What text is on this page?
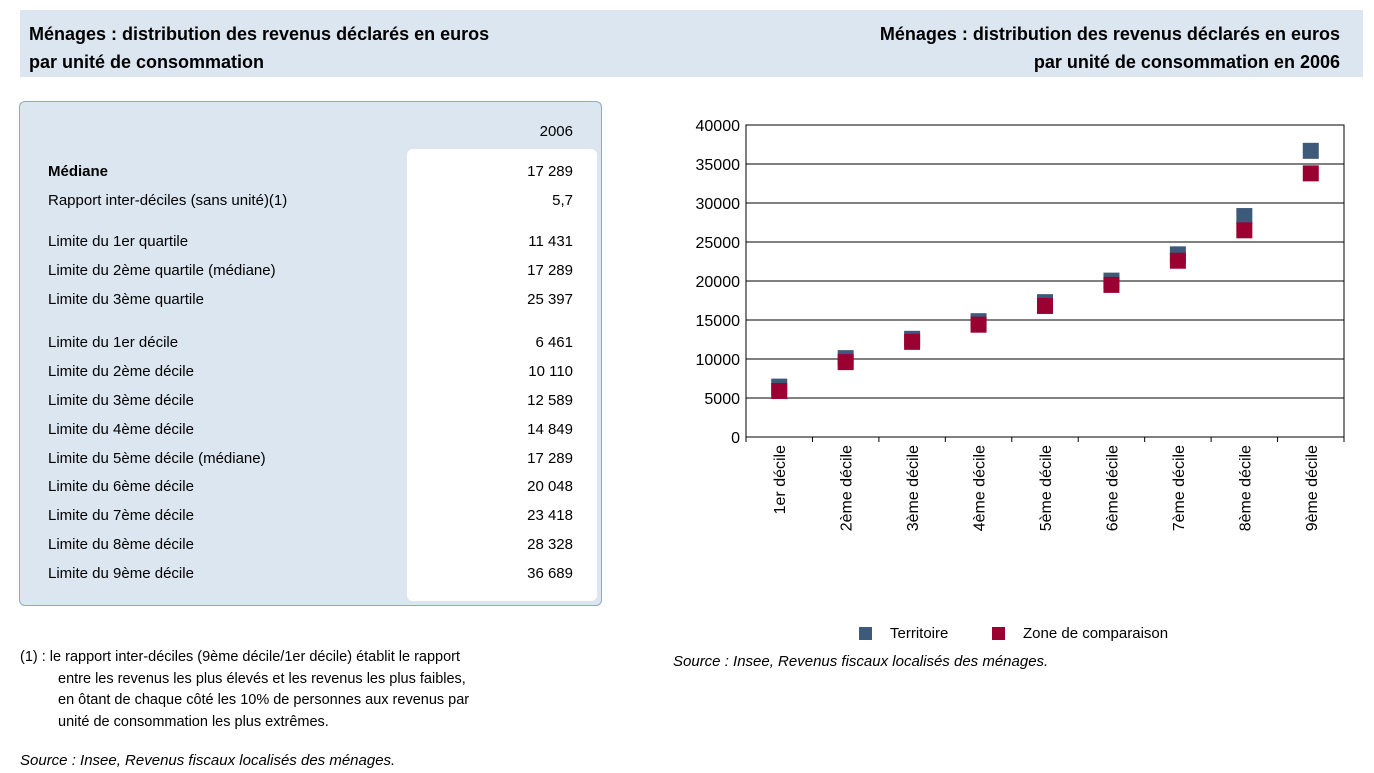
Ménages : distribution des revenus déclarés en euros
par unité de consommation
Ménages : distribution des revenus déclarés en euros
par unité de consommation en 2006
2006
Médiane	17 289
Rapport inter-déciles (sans unité)(1)	5,7
Limite du 1er quartile	11 431
Limite du 2ème quartile (médiane)	17 289
Limite du 3ème quartile	25 397
Limite du 1er décile	6 461
Limite du 2ème décile	10 110
Limite du 3ème décile	12 589
Limite du 4ème décile	14 849
Limite du 5ème décile (médiane)	17 289
Limite du 6ème décile	20 048
Limite du 7ème décile	23 418
Limite du 8ème décile	28 328
Limite du 9ème décile	36 689
(1) : le rapport inter-déciles (9ème décile/1er décile) établit le rapport
entre les revenus les plus élevés et les revenus les plus faibles,
en ôtant de chaque côté les 10% de personnes aux revenus par
unité de consommation les plus extrêmes.
Source : Insee, Revenus fiscaux localisés des ménages.
0
5000
10000
15000
20000
25000
30000
35000
40000
1er décile	2ème décile	3ème décile	4ème décile	5ème décile	6ème décile	7ème décile	8ème décile	9ème décile
Territoire	Zone de comparaison
Source : Insee, Revenus fiscaux localisés des ménages.
